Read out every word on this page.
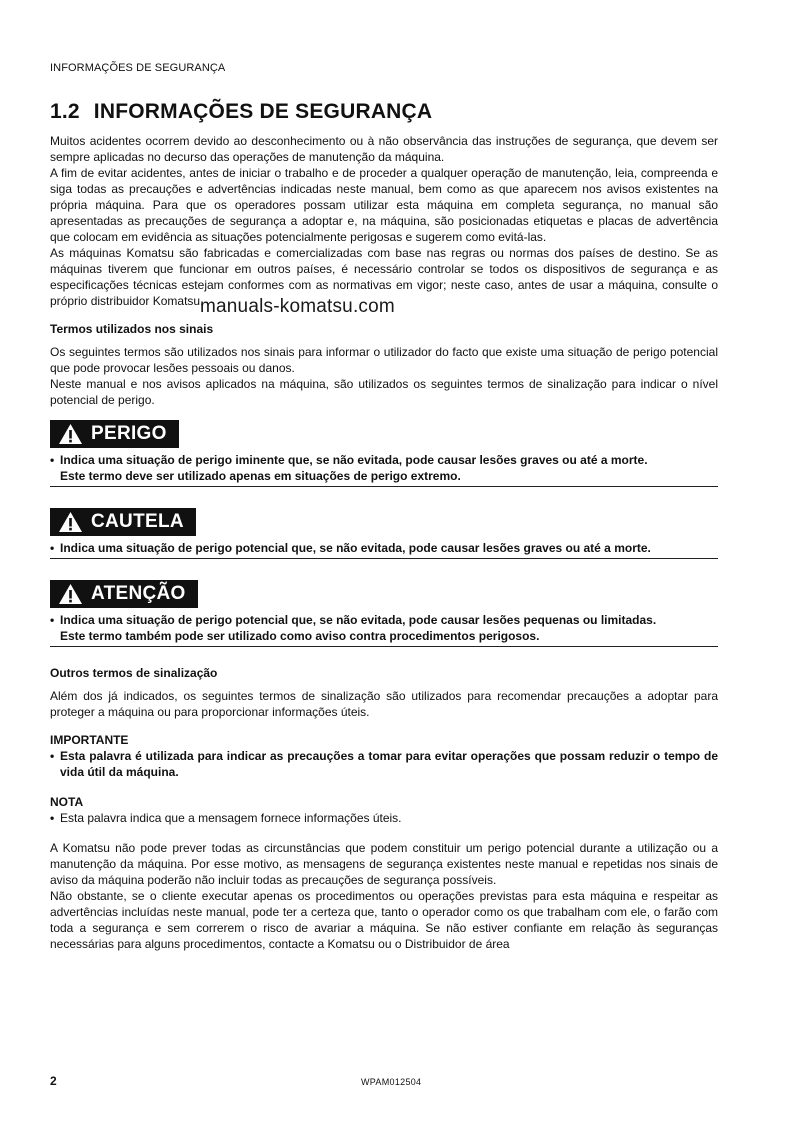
INFORMAÇÕES DE SEGURANÇA
1.2 INFORMAÇÕES DE SEGURANÇA

Muitos acidentes ocorrem devido ao desconhecimento ou à não observância das instruções de segurança, que devem ser sempre aplicadas no decurso das operações de manutenção da máquina.

A fim de evitar acidentes, antes de iniciar o trabalho e de proceder a qualquer operação de manutenção, leia, compreenda e siga todas as precauções e advertências indicadas neste manual, bem como as que aparecem nos avisos existentes na própria máquina. Para que os operadores possam utilizar esta máquina em completa segurança, no manual são apresentadas as precauções de segurança a adoptar e, na máquina, são posicionadas etiquetas e placas de advertência que colocam em evidência as situações potencialmente perigosas e sugerem como evitá-las.

As máquinas Komatsu são fabricadas e comercializadas com base nas regras ou normas dos países de destino. Se as máquinas tiverem que funcionar em outros países, é necessário controlar se todos os dispositivos de segurança e as especificações técnicas estejam conformes com as normativas em vigor; neste caso, antes de usar a máquina, consulte o próprio distribuidor Komatsu.

Termos utilizados nos sinais

Os seguintes termos são utilizados nos sinais para informar o utilizador do facto que existe uma situação de perigo potencial que pode provocar lesões pessoais ou danos.

Neste manual e nos avisos aplicados na máquina, são utilizados os seguintes termos de sinalização para indicar o nível potencial de perigo.

PERIGO
• Indica uma situação de perigo iminente que, se não evitada, pode causar lesões graves ou até a morte.
Este termo deve ser utilizado apenas em situações de perigo extremo.
CAUTELA
• Indica uma situação de perigo potencial que, se não evitada, pode causar lesões graves ou até a morte.
ATENÇÃO
• Indica uma situação de perigo potencial que, se não evitada, pode causar lesões pequenas ou limitadas.
Este termo também pode ser utilizado como aviso contra procedimentos perigosos.

Outros termos de sinalização

Além dos já indicados, os seguintes termos de sinalização são utilizados para recomendar precauções a adoptar para proteger a máquina ou para proporcionar informações úteis.

IMPORTANTE

• Esta palavra é utilizada para indicar as precauções a tomar para evitar operações que possam reduzir o tempo de vida útil da máquina.

NOTA

• Esta palavra indica que a mensagem fornece informações úteis.

A Komatsu não pode prever todas as circunstâncias que podem constituir um perigo potencial durante a utilização ou a manutenção da máquina. Por esse motivo, as mensagens de segurança existentes neste manual e repetidas nos sinais de aviso da máquina poderão não incluir todas as precauções de segurança possíveis.

Não obstante, se o cliente executar apenas os procedimentos ou operações previstas para esta máquina e respeitar as advertências incluídas neste manual, pode ter a certeza que, tanto o operador como os que trabalham com ele, o farão com toda a segurança e sem correrem o risco de avariar a máquina. Se não estiver confiante em relação às seguranças necessárias para alguns procedimentos, contacte a Komatsu ou o Distribuidor de área

manuals-komatsu.com
2	WPAM012504
